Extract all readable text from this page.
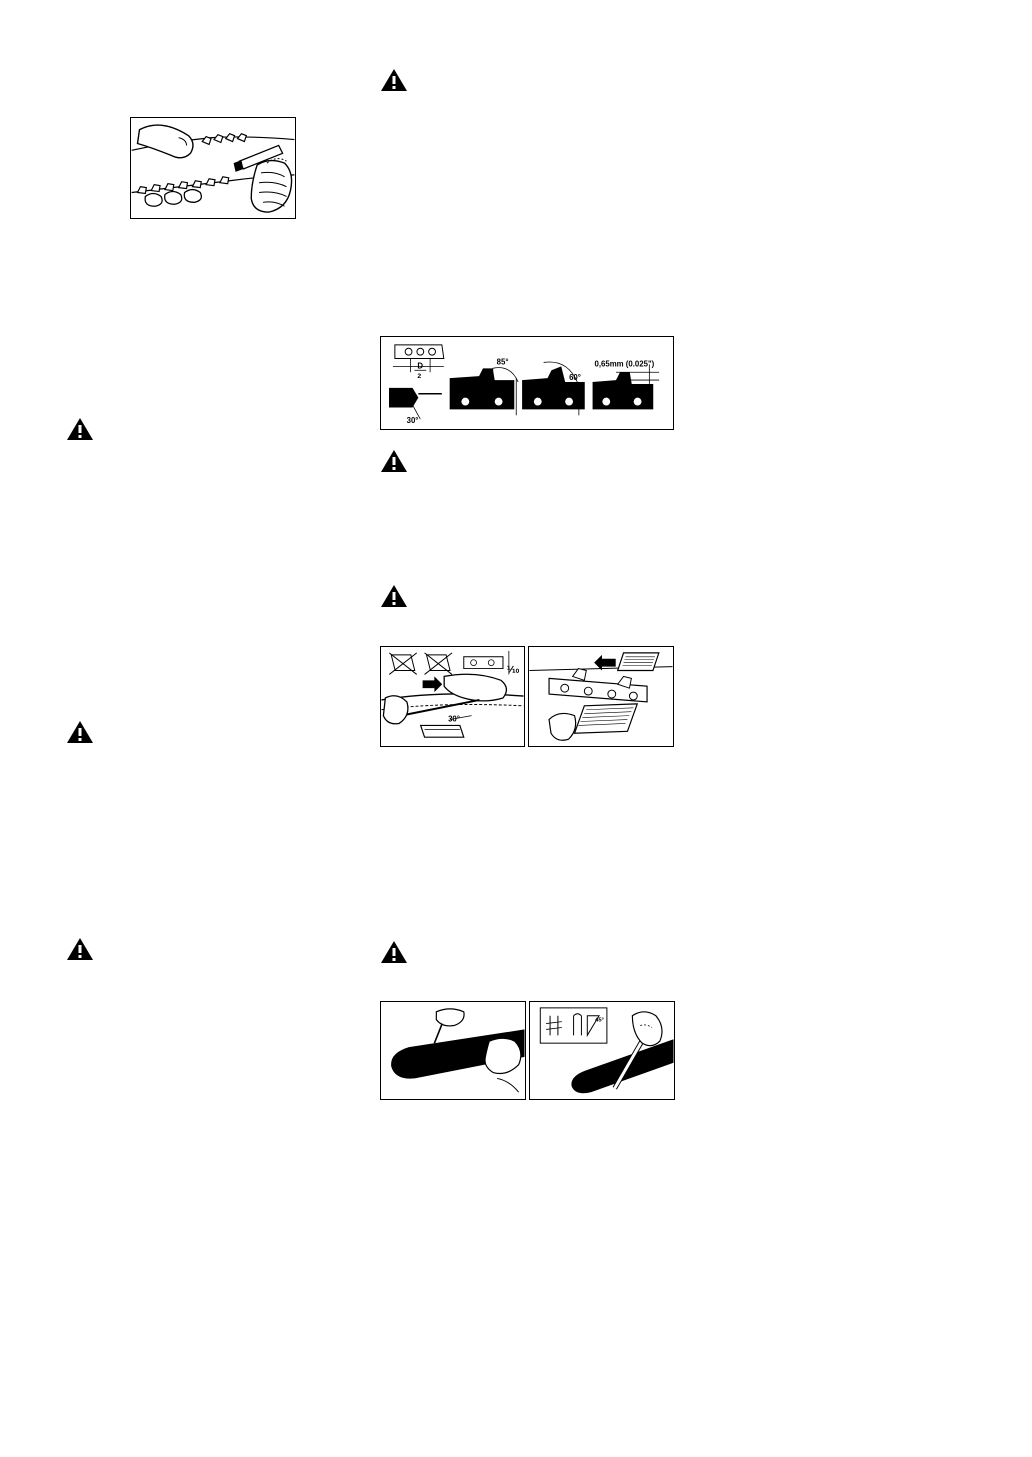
D
2
30°
85°
60°
0,65mm (0.025")
⅒
30°
45°
